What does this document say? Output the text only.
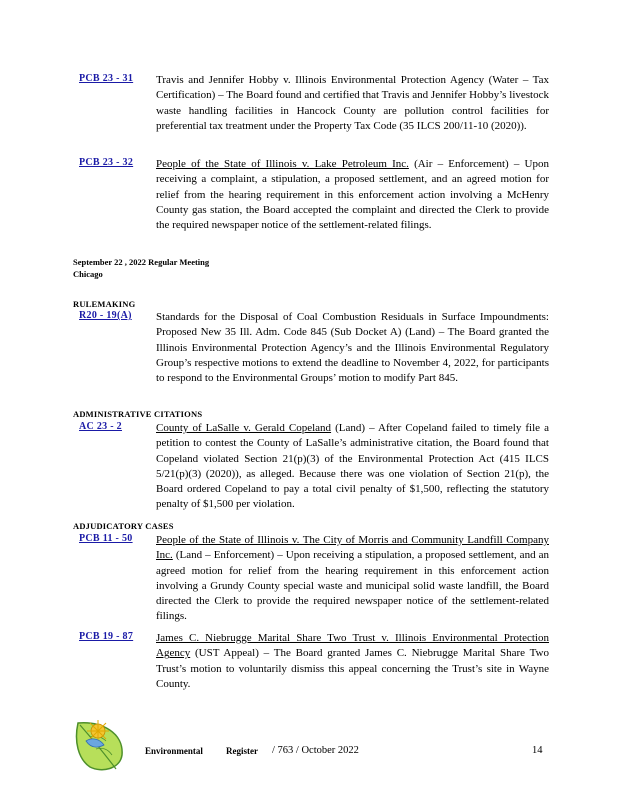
PCB 23 - 31 Travis and Jennifer Hobby v. Illinois Environmental Protection Agency (Water – Tax Certification) – The Board found and certified that Travis and Jennifer Hobby’s livestock waste handling facilities in Hancock County are pollution control facilities for preferential tax treatment under the Property Tax Code (35 ILCS 200/11-10 (2020)).
PCB 23 - 32 People of the State of Illinois v. Lake Petroleum Inc. (Air – Enforcement) – Upon receiving a complaint, a stipulation, a proposed settlement, and an agreed motion for relief from the hearing requirement in this enforcement action involving a McHenry County gas station, the Board accepted the complaint and directed the Clerk to provide the required newspaper notice of the settlement-related filings.
September 22 , 2022 Regular Meeting
Chicago
RULEMAKING
R20 - 19(A) Standards for the Disposal of Coal Combustion Residuals in Surface Impoundments: Proposed New 35 Ill. Adm. Code 845 (Sub Docket A) (Land) – The Board granted the Illinois Environmental Protection Agency’s and the Illinois Environmental Regulatory Group’s respective motions to extend the deadline to November 4, 2022, for participants to respond to the Environmental Groups’ motion to modify Part 845.
ADMINISTRATIVE CITATIONS
AC 23 - 2	County of LaSalle v. Gerald Copeland (Land) – After Copeland failed to timely file a petition to contest the County of LaSalle’s administrative citation, the Board found that Copeland violated Section 21(p)(3) of the Environmental Protection Act (415 ILCS 5/21(p)(3) (2020)), as alleged. Because there was one violation of Section 21(p), the Board ordered Copeland to pay a total civil penalty of $1,500, reflecting the statutory penalty of $1,500 per violation.
ADJUDICATORY CASES
PCB 11 - 50 People of the State of Illinois v. The City of Morris and Community Landfill Company Inc. (Land – Enforcement) – Upon receiving a stipulation, a proposed settlement, and an agreed motion for relief from the hearing requirement in this enforcement action involving a Grundy County special waste and municipal solid waste landfill, the Board directed the Clerk to provide the required newspaper notice of the settlement-related filings.
PCB 19 - 87 James C. Niebrugge Marital Share Two Trust v. Illinois Environmental Protection Agency (UST Appeal) – The Board granted James C. Niebrugge Marital Share Two Trust’s motion to voluntarily dismiss this appeal concerning the Trust’s site in Wayne County.
Environmental	Register / 763 / October 2022	14
